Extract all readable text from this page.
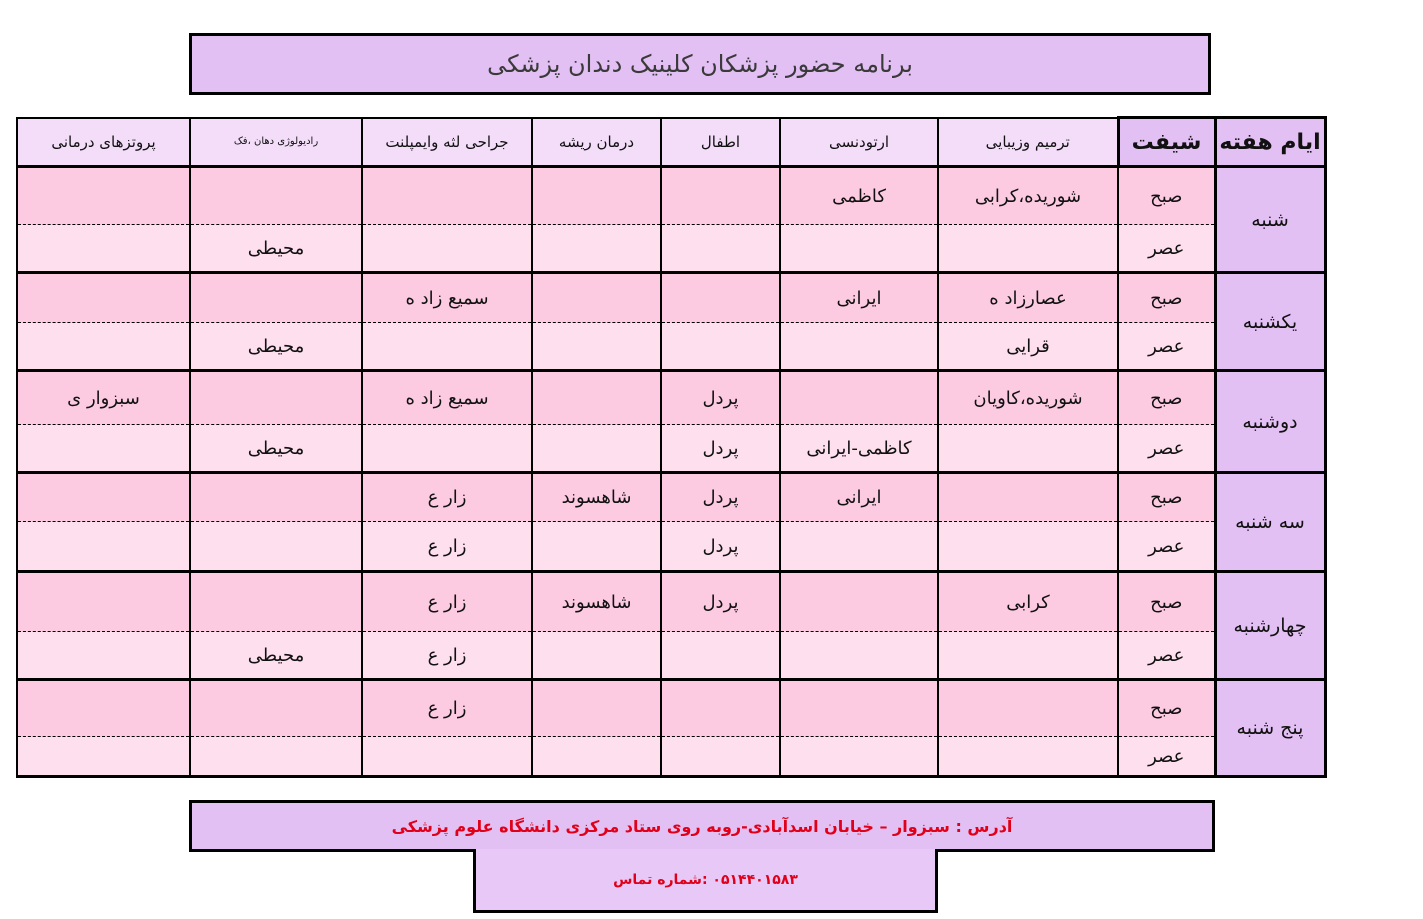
برنامه حضور پزشکان کلینیک دندان پزشکی
پروتزهای درمانی	رادیولوژی دهان ،فک	جراحی لثه وایمپلنت	درمان ریشه	اطفال	ارتودنسی	ترمیم وزیبایی	شیفت	ایام هفته
					کاظمی	شوریده،کرابی	صبح	شنبه
	محیطی						عصر	
		سمیع زاد ه			ایرانی	عصارزاد ه	صبح	یکشنبه
	محیطی					قرایی	عصر	
سبزوار ی		سمیع زاد ه		پردل		شوریده،کاویان	صبح	دوشنبه
	محیطی			پردل	کاظمی-ایرانی		عصر	
		زار ع	شاهسوند	پردل	ایرانی		صبح	سه شنبه
		زار ع		پردل			عصر	
		زار ع	شاهسوند	پردل		کرابی	صبح	چهارشنبه
	محیطی	زار ع					عصر	
		زار ع					صبح	پنج شنبه
							عصر	
آدرس : سبزوار – خیابان اسدآبادی-روبه روی ستاد مرکزی دانشگاه علوم پزشکی
شماره تماس:
۰۵۱۴۴۰۱۵۸۳
